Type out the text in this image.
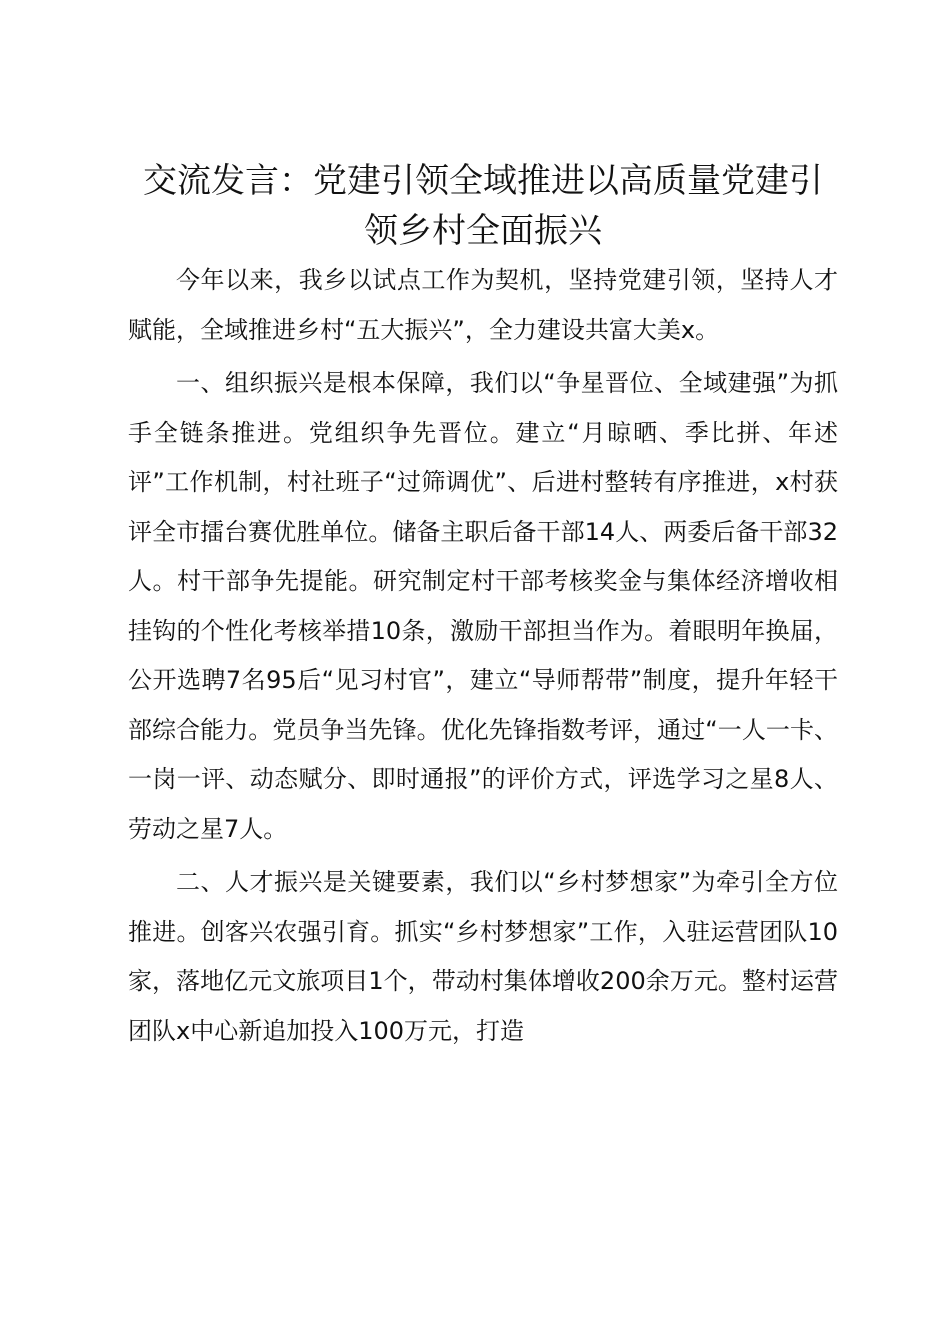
交流发言：党建引领全域推进以高质量党建引领乡村全面振兴

今年以来，我乡以试点工作为契机，坚持党建引领，坚持人才赋能，全域推进乡村“五大振兴”，全力建设共富大美x。

一、组织振兴是根本保障，我们以“争星晋位、全域建强”为抓手全链条推进。党组织争先晋位。建立“月晾晒、季比拼、年述评”工作机制，村社班子“过筛调优”、后进村整转有序推进，x村获评全市擂台赛优胜单位。储备主职后备干部14人、两委后备干部32人。村干部争先提能。研究制定村干部考核奖金与集体经济增收相挂钩的个性化考核举措10条，激励干部担当作为。着眼明年换届，公开选聘7名95后“见习村官”，建立“导师帮带”制度，提升年轻干部综合能力。党员争当先锋。优化先锋指数考评，通过“一人一卡、一岗一评、动态赋分、即时通报”的评价方式，评选学习之星8人、劳动之星7人。

二、人才振兴是关键要素，我们以“乡村梦想家”为牵引全方位推进。创客兴农强引育。抓实“乡村梦想家”工作，入驻运营团队10家，落地亿元文旅项目1个，带动村集体增收200余万元。整村运营团队x中心新追加投入100万元，打造
